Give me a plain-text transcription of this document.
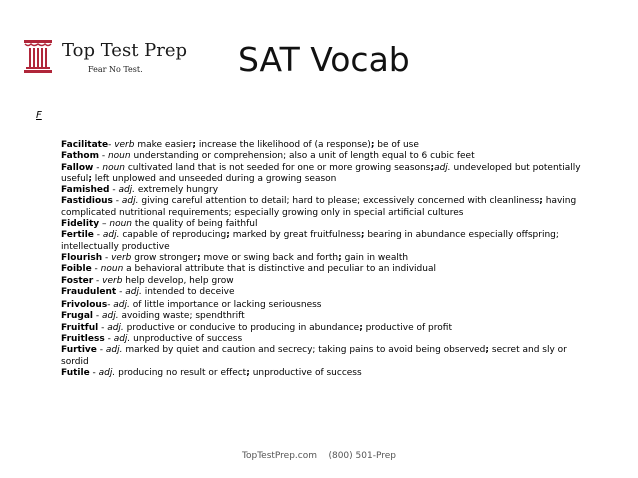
Top Test Prep
Fear No Test.	SAT Vocab
F

Facilitate- verb make easier; increase the likelihood of (a response); be of use

Fathom - noun understanding or comprehension; also a unit of length equal to 6 cubic feet

Fallow - noun cultivated land that is not seeded for one or more growing seasons;adj. undeveloped but potentially useful; left unplowed and unseeded during a growing season

Famished - adj. extremely hungry

Fastidious - adj. giving careful attention to detail; hard to please; excessively concerned with cleanliness; having complicated nutritional requirements; especially growing only in special artificial cultures

Fidelity – noun the quality of being faithful

Fertile - adj. capable of reproducing; marked by great fruitfulness; bearing in abundance especially offspring; intellectually productive

Flourish - verb grow stronger; move or swing back and forth; gain in wealth

Foible - noun a behavioral attribute that is distinctive and peculiar to an individual

Foster - verb help develop, help grow

Fraudulent - adj. intended to deceive

Frivolous- adj. of little importance or lacking seriousness

Frugal - adj. avoiding waste; spendthrift

Fruitful - adj. productive or conducive to producing in abundance; productive of profit

Fruitless - adj. unproductive of success

Furtive - adj. marked by quiet and caution and secrecy; taking pains to avoid being observed; secret and sly or sordid

Futile - adj. producing no result or effect; unproductive of success

TopTestPrep.com (800) 501-Prep
